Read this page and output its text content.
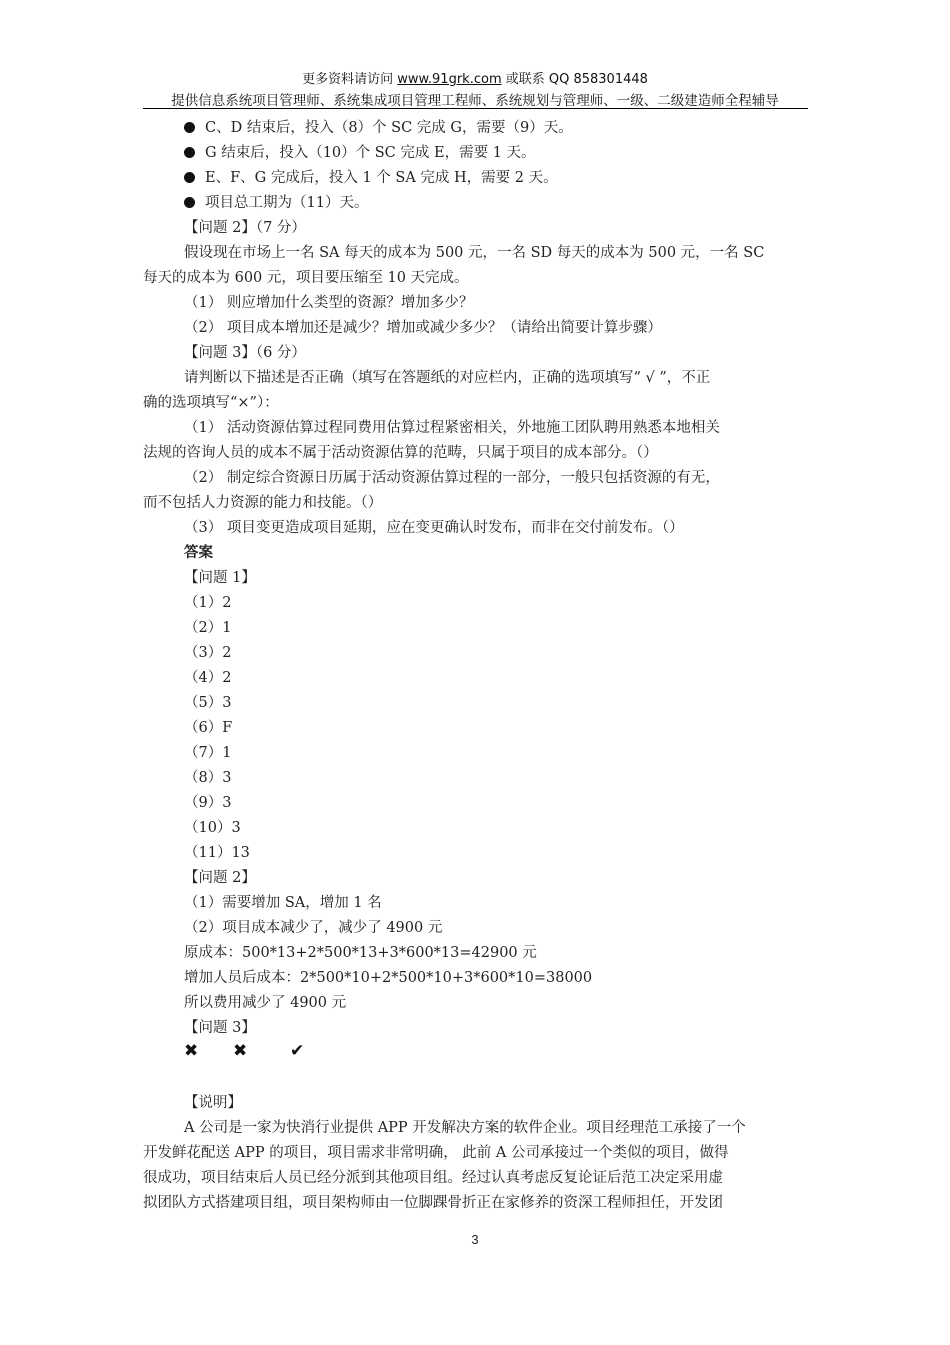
更多资料请访问 www.91grk.com 或联系 QQ 858301448
提供信息系统项目管理师、系统集成项目管理工程师、系统规划与管理师、一级、二级建造师全程辅导
C、D 结束后，投入（8）个 SC 完成 G，需要（9）天。
G 结束后，投入（10）个 SC 完成 E，需要 1 天。
E、F、G 完成后，投入 1 个 SA 完成 H，需要 2 天。
项目总工期为（11）天。
【问题 2】（7 分）
假设现在市场上一名 SA 每天的成本为 500 元，一名 SD 每天的成本为 500 元，一名 SC
每天的成本为 600 元，项目要压缩至 10 天完成。
（1） 则应增加什么类型的资源？增加多少？
（2） 项目成本增加还是减少？增加或减少多少？（请给出简要计算步骤）
【问题 3】（6 分）
请判断以下描述是否正确（填写在答题纸的对应栏内，正确的选项填写“ √ ”，不正
确的选项填写“×”）：
（1） 活动资源估算过程同费用估算过程紧密相关，外地施工团队聘用熟悉本地相关
法规的咨询人员的成本不属于活动资源估算的范畴，只属于项目的成本部分。（）
（2） 制定综合资源日历属于活动资源估算过程的一部分，一般只包括资源的有无，
而不包括人力资源的能力和技能。（）
（3） 项目变更造成项目延期，应在变更确认时发布，而非在交付前发布。（）
答案
【问题 1】
（1）2
（2）1
（3）2
（4）2
（5）3
（6）F
（7）1
（8）3
（9）3
（10）3
（11）13
【问题 2】
（1）需要增加 SA，增加 1 名
（2）项目成本减少了，减少了 4900 元
原成本：500*13+2*500*13+3*600*13=42900 元
增加人员后成本：2*500*10+2*500*10+3*600*10=38000
所以费用减少了 4900 元
【问题 3】
✖ ✖	✔
【说明】
A 公司是一家为快消行业提供 APP 开发解决方案的软件企业。项目经理范工承接了一个
开发鲜花配送 APP 的项目，项目需求非常明确， 此前 A 公司承接过一个类似的项目，做得
很成功，项目结束后人员已经分派到其他项目组。经过认真考虑反复论证后范工决定采用虚
拟团队方式搭建项目组，项目架构师由一位脚踝骨折正在家修养的资深工程师担任，开发团
3
